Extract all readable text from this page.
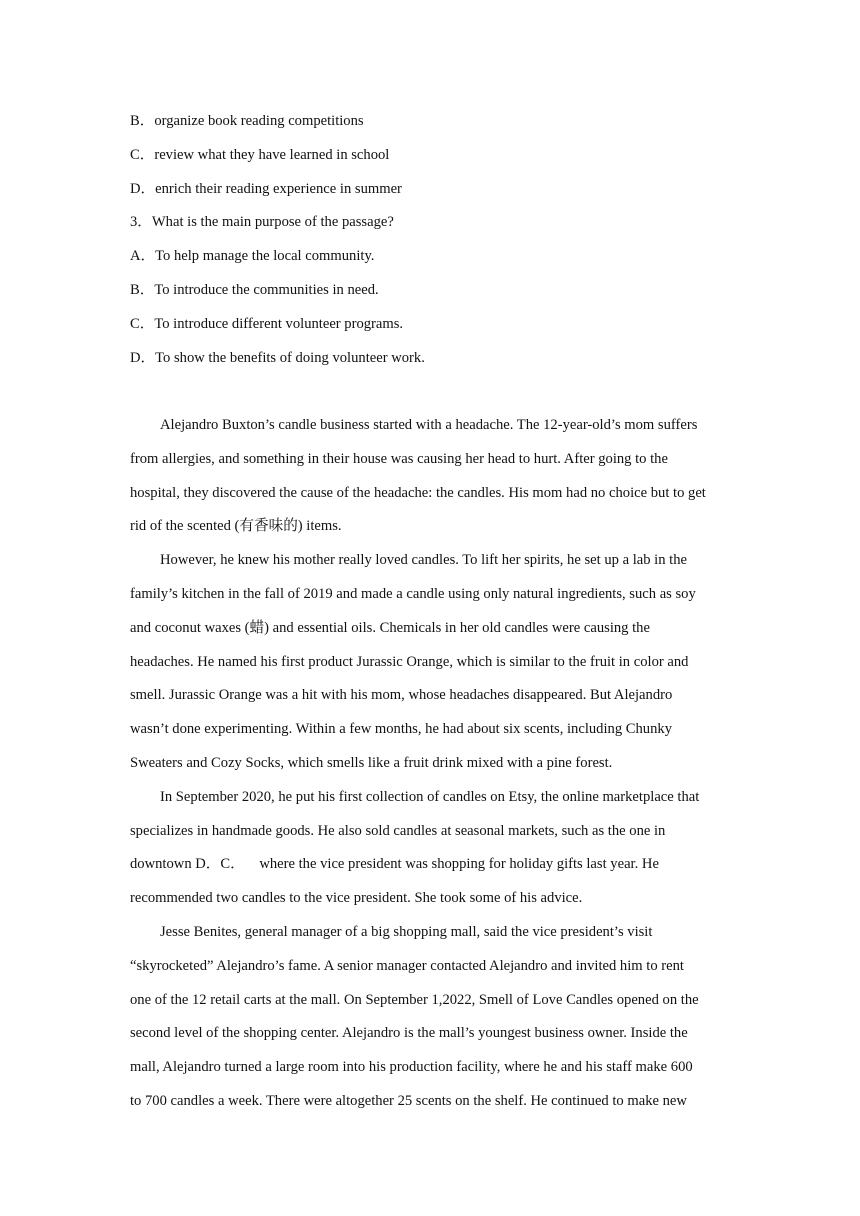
B．organize book reading competitions
C．review what they have learned in school
D．enrich their reading experience in summer
3．What is the main purpose of the passage?
A．To help manage the local community.
B．To introduce the communities in need.
C．To introduce different volunteer programs.
D．To show the benefits of doing volunteer work.
Alejandro Buxton’s candle business started with a headache. The 12-year-old’s mom suffers
from allergies, and something in their house was causing her head to hurt. After going to the
hospital, they discovered the cause of the headache: the candles. His mom had no choice but to get
rid of the scented (有香味的) items.
However, he knew his mother really loved candles. To lift her spirits, he set up a lab in the
family’s kitchen in the fall of 2019 and made a candle using only natural ingredients, such as soy
and coconut waxes (蜡) and essential oils. Chemicals in her old candles were causing the
headaches. He named his first product Jurassic Orange, which is similar to the fruit in color and
smell. Jurassic Orange was a hit with his mom, whose headaches disappeared. But Alejandro
wasn’t done experimenting. Within a few months, he had about six scents, including Chunky
Sweaters and Cozy Socks, which smells like a fruit drink mixed with a pine forest.
In September 2020, he put his first collection of candles on Etsy, the online marketplace that
specializes in handmade goods. He also sold candles at seasonal markets, such as the one in
downtown D．C．    where the vice president was shopping for holiday gifts last year. He
recommended two candles to the vice president. She took some of his advice.
Jesse Benites, general manager of a big shopping mall, said the vice president’s visit
“skyrocketed” Alejandro’s fame. A senior manager contacted Alejandro and invited him to rent
one of the 12 retail carts at the mall. On September 1,2022, Smell of Love Candles opened on the
second level of the shopping center. Alejandro is the mall’s youngest business owner. Inside the
mall, Alejandro turned a large room into his production facility, where he and his staff make 600
to 700 candles a week. There were altogether 25 scents on the shelf. He continued to make new
